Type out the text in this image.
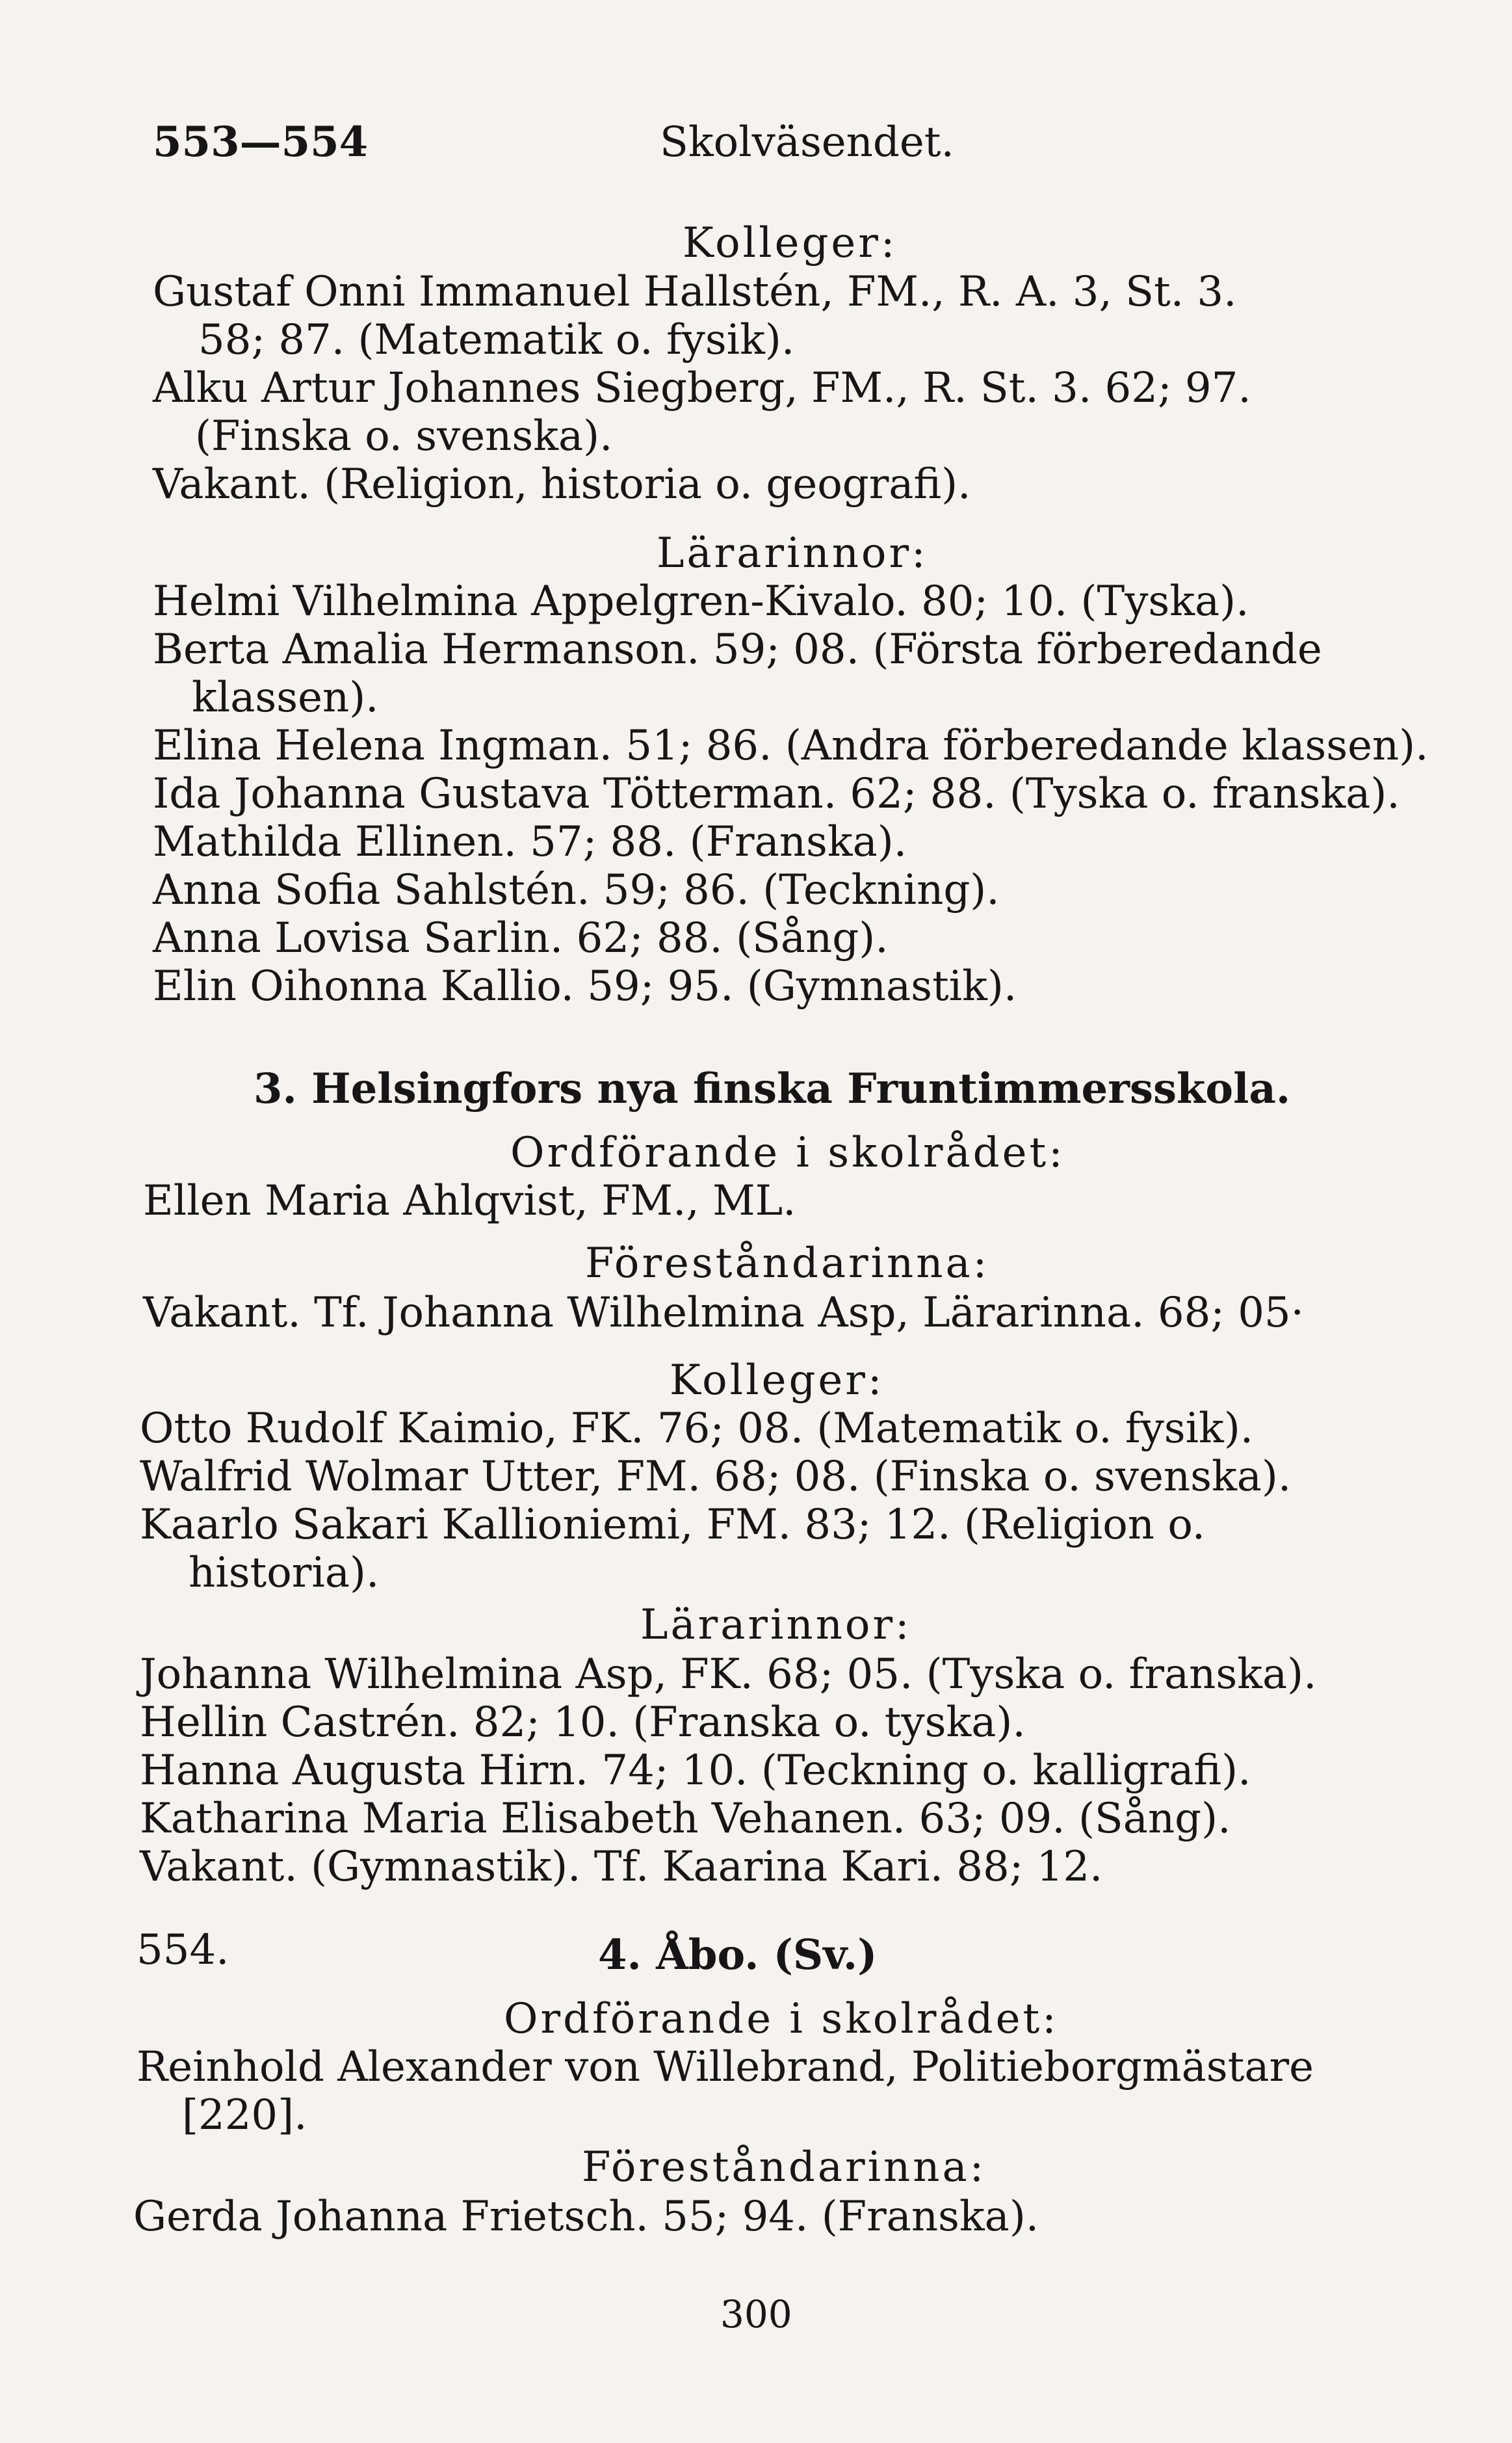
553—554	Skolväsendet.
Kolleger:
Gustaf Onni Immanuel Hallstén, FM., R. A. 3, St. 3.
58; 87. (Matematik o. fysik).
Alku Artur Johannes Siegberg, FM., R. St. 3. 62; 97.
(Finska o. svenska).
Vakant. (Religion, historia o. geografi).
Lärarinnor:
Helmi Vilhelmina Appelgren-Kivalo. 80; 10. (Tyska).
Berta Amalia Hermanson. 59; 08. (Första förberedande
klassen).
Elina Helena Ingman. 51; 86. (Andra förberedande klassen).
Ida Johanna Gustava Tötterman. 62; 88. (Tyska o. franska).
Mathilda Ellinen. 57; 88. (Franska).
Anna Sofia Sahlstén. 59; 86. (Teckning).
Anna Lovisa Sarlin. 62; 88. (Sång).
Elin Oihonna Kallio. 59; 95. (Gymnastik).
3. Helsingfors nya finska Fruntimmersskola.
Ordförande i skolrådet:
Ellen Maria Ahlqvist, FM., ML.
Föreståndarinna:
Vakant. Tf. Johanna Wilhelmina Asp, Lärarinna. 68; 05·
Kolleger:
Otto Rudolf Kaimio, FK. 76; 08. (Matematik o. fysik).
Walfrid Wolmar Utter, FM. 68; 08. (Finska o. svenska).
Kaarlo Sakari Kallioniemi, FM. 83; 12. (Religion o.
historia).
Lärarinnor:
Johanna Wilhelmina Asp, FK. 68; 05. (Tyska o. franska).
Hellin Castrén. 82; 10. (Franska o. tyska).
Hanna Augusta Hirn. 74; 10. (Teckning o. kalligrafi).
Katharina Maria Elisabeth Vehanen. 63; 09. (Sång).
Vakant. (Gymnastik). Tf. Kaarina Kari. 88; 12.
554.	4. Åbo. (Sv.)
Ordförande i skolrådet:
Reinhold Alexander von Willebrand, Politieborgmästare
[220].
Föreståndarinna:
Gerda Johanna Frietsch. 55; 94. (Franska).
300
